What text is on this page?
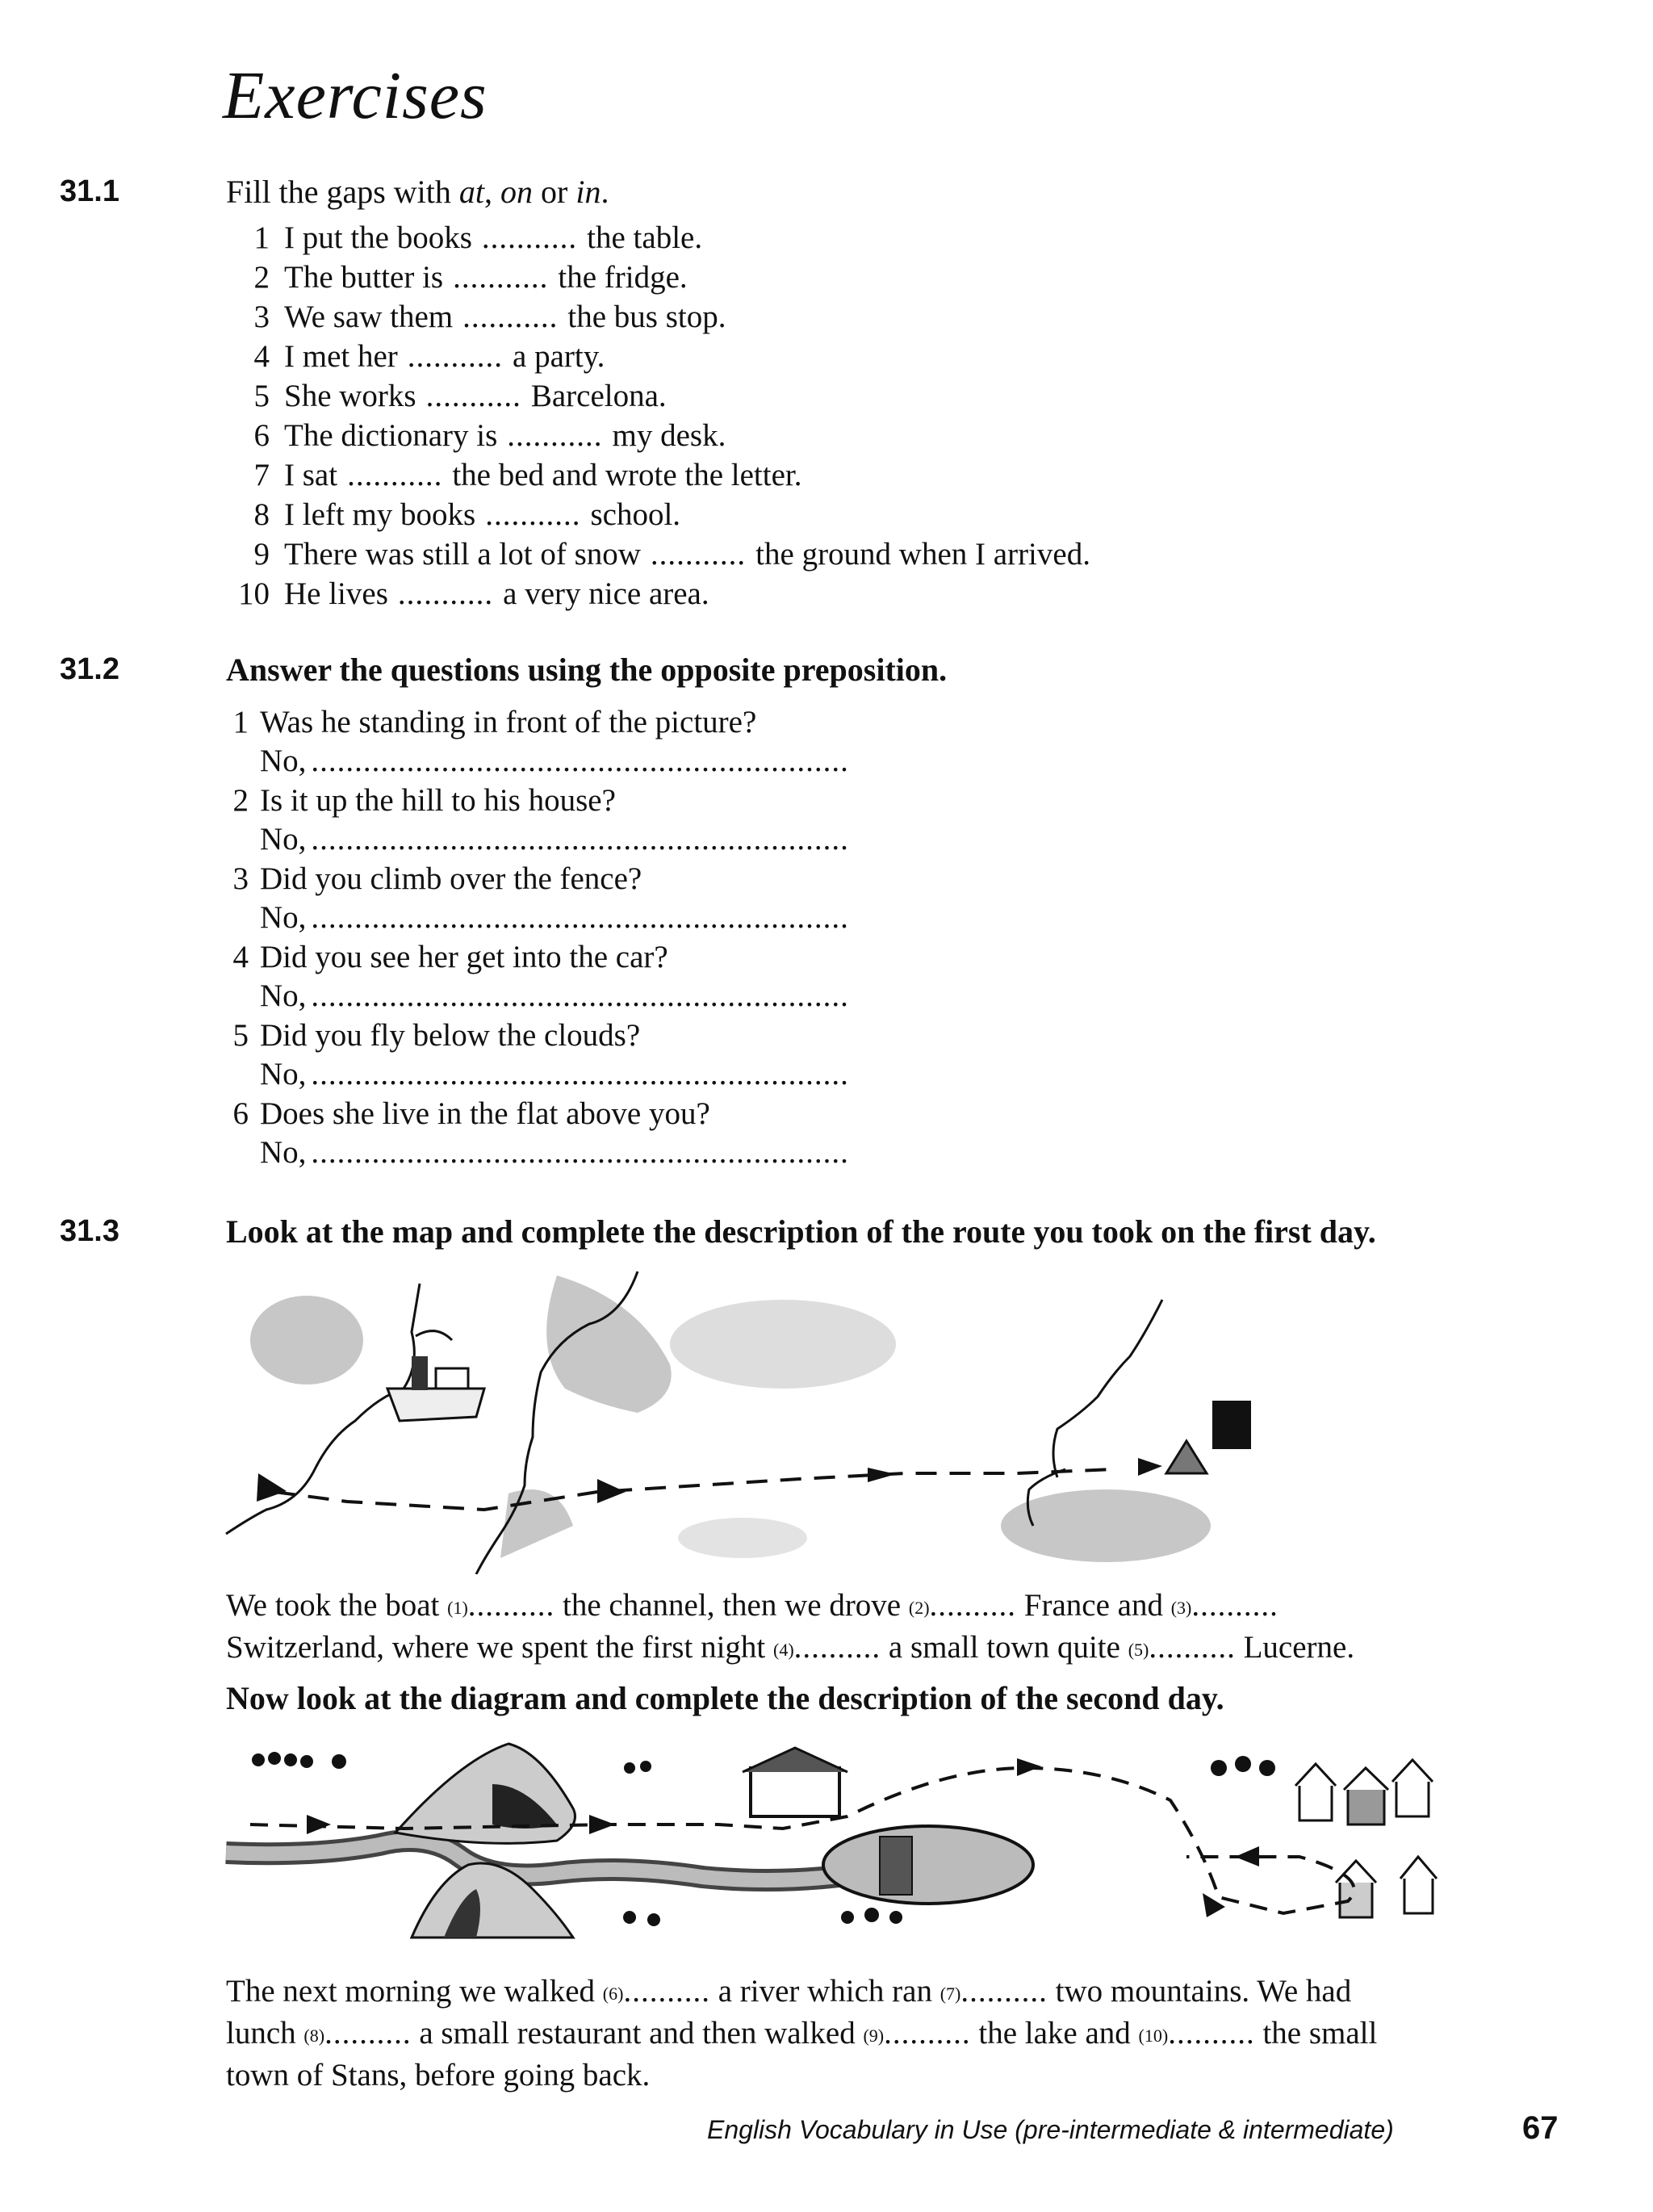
Exercises
31.1	Fill the gaps with at, on or in.
1 I put the books ........... the table.
2 The butter is ........... the fridge.
3 We saw them ........... the bus stop.
4 I met her ........... a party.
5 She works ........... Barcelona.
6 The dictionary is ........... my desk.
7 I sat ........... the bed and wrote the letter.
8 I left my books ........... school.
9 There was still a lot of snow ........... the ground when I arrived.
10 He lives ........... a very nice area.
31.2	Answer the questions using the opposite preposition.
1 Was he standing in front of the picture?
No, ..............................................................
2 Is it up the hill to his house?
No, ..............................................................
3 Did you climb over the fence?
No, ..............................................................
4 Did you see her get into the car?
No, ..............................................................
5 Did you fly below the clouds?
No, ..............................................................
6 Does she live in the flat above you?
No, ..............................................................
31.3	Look at the map and complete the description of the route you took on the first day.
We took the boat (1).......... the channel, then we drove (2).......... France and (3)..........
Switzerland, where we spent the first night (4).......... a small town quite (5).......... Lucerne.
Now look at the diagram and complete the description of the second day.
The next morning we walked (6).......... a river which ran (7).......... two mountains. We had
lunch (8).......... a small restaurant and then walked (9).......... the lake and (10).......... the small
town of Stans, before going back.
English Vocabulary in Use (pre-intermediate & intermediate)	67
